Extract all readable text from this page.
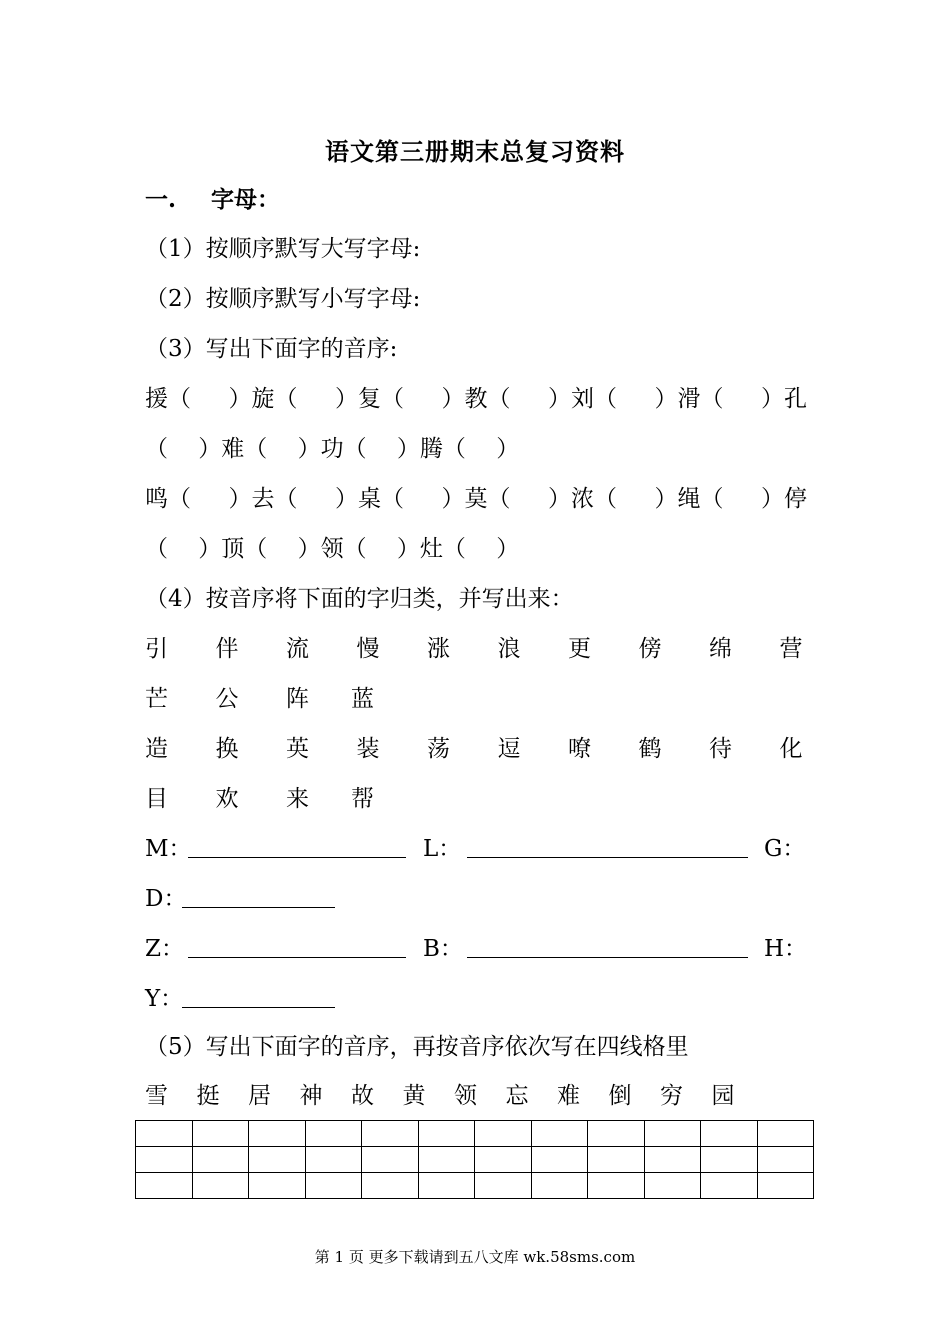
语文第三册期末总复习资料
一. 字母：
（1）按顺序默写大写字母:
（2）按顺序默写小写字母:
（3）写出下面字的音序:
援（ ）旋（ ）复（ ）教（ ）刘（ ）滑（ ）孔
（　 ）难（　 ）功（　 ）腾（　 ）
鸣（ ）去（ ）桌（ ）莫（ ）浓（ ）绳（ ）停
（　 ）顶（　 ）领（　 ）灶（　 ）
（4）按音序将下面的字归类，并写出来：
引 伴 流 慢 涨 浪 更 傍 绵 营
芒 公 阵 蓝
造 换 英 装 荡 逗 嘹 鹤 待 化
目 欢 来 帮
M：	L：	G：
D：
Z：	B：	H：
Y：
（5）写出下面字的音序，再按音序依次写在四线格里
雪 挺 居 神 故 黄 领 忘 难 倒 穷 园

第 1 页 更多下载请到五八文库 wk.58sms.com
